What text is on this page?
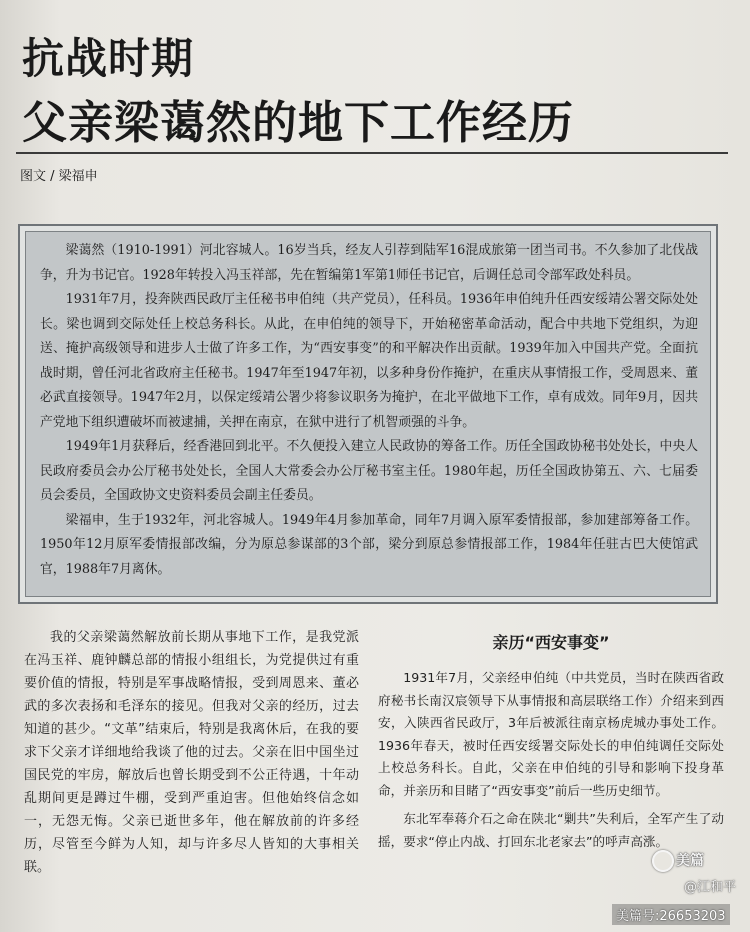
抗战时期
父亲梁蔼然的地下工作经历
图文 / 梁福申

梁蔼然（1910-1991）河北容城人。16岁当兵，经友人引荐到陆军16混成旅第一团当司书。不久参加了北伐战争，升为书记官。1928年转投入冯玉祥部，先在暂编第1军第1师任书记官，后调任总司令部军政处科员。

1931年7月，投奔陕西民政厅主任秘书申伯纯（共产党员），任科员。1936年申伯纯升任西安绥靖公署交际处处长。梁也调到交际处任上校总务科长。从此，在申伯纯的领导下，开始秘密革命活动，配合中共地下党组织，为迎送、掩护高级领导和进步人士做了许多工作，为“西安事变”的和平解决作出贡献。1939年加入中国共产党。全面抗战时期，曾任河北省政府主任秘书。1947年至1947年初，以多种身份作掩护，在重庆从事情报工作，受周恩来、董必武直接领导。1947年2月，以保定绥靖公署少将参议职务为掩护，在北平做地下工作，卓有成效。同年9月，因共产党地下组织遭破坏而被逮捕，关押在南京，在狱中进行了机智顽强的斗争。

1949年1月获释后，经香港回到北平。不久便投入建立人民政协的筹备工作。历任全国政协秘书处处长，中央人民政府委员会办公厅秘书处处长，全国人大常委会办公厅秘书室主任。1980年起，历任全国政协第五、六、七届委员会委员，全国政协文史资料委员会副主任委员。

梁福申，生于1932年，河北容城人。1949年4月参加革命，同年7月调入原军委情报部，参加建部筹备工作。1950年12月原军委情报部改编，分为原总参谋部的3个部，梁分到原总参情报部工作，1984年任驻古巴大使馆武官，1988年7月离休。

我的父亲梁蔼然解放前长期从事地下工作，是我党派在冯玉祥、鹿钟麟总部的情报小组组长，为党提供过有重要价值的情报，特别是军事战略情报，受到周恩来、董必武的多次表扬和毛泽东的接见。但我对父亲的经历，过去知道的甚少。“文革”结束后，特别是我离休后，在我的要求下父亲才详细地给我谈了他的过去。父亲在旧中国坐过国民党的牢房，解放后也曾长期受到不公正待遇，十年动乱期间更是蹲过牛棚，受到严重迫害。但他始终信念如一，无怨无悔。父亲已逝世多年，他在解放前的许多经历，尽管至今鲜为人知，却与许多尽人皆知的大事相关联。

亲历“西安事变”

1931年7月，父亲经申伯纯（中共党员，当时在陕西省政府秘书长南汉宸领导下从事情报和高层联络工作）介绍来到西安，入陕西省民政厅，3年后被派往南京杨虎城办事处工作。1936年春天，被时任西安绥署交际处长的申伯纯调任交际处上校总务科长。自此，父亲在申伯纯的引导和影响下投身革命，并亲历和目睹了“西安事变”前后一些历史细节。

东北军奉蒋介石之命在陕北“剿共”失利后，全军产生了动摇，要求“停止内战、打回东北老家去”的呼声高涨。

美篇
@江和平
美篇号:26653203
